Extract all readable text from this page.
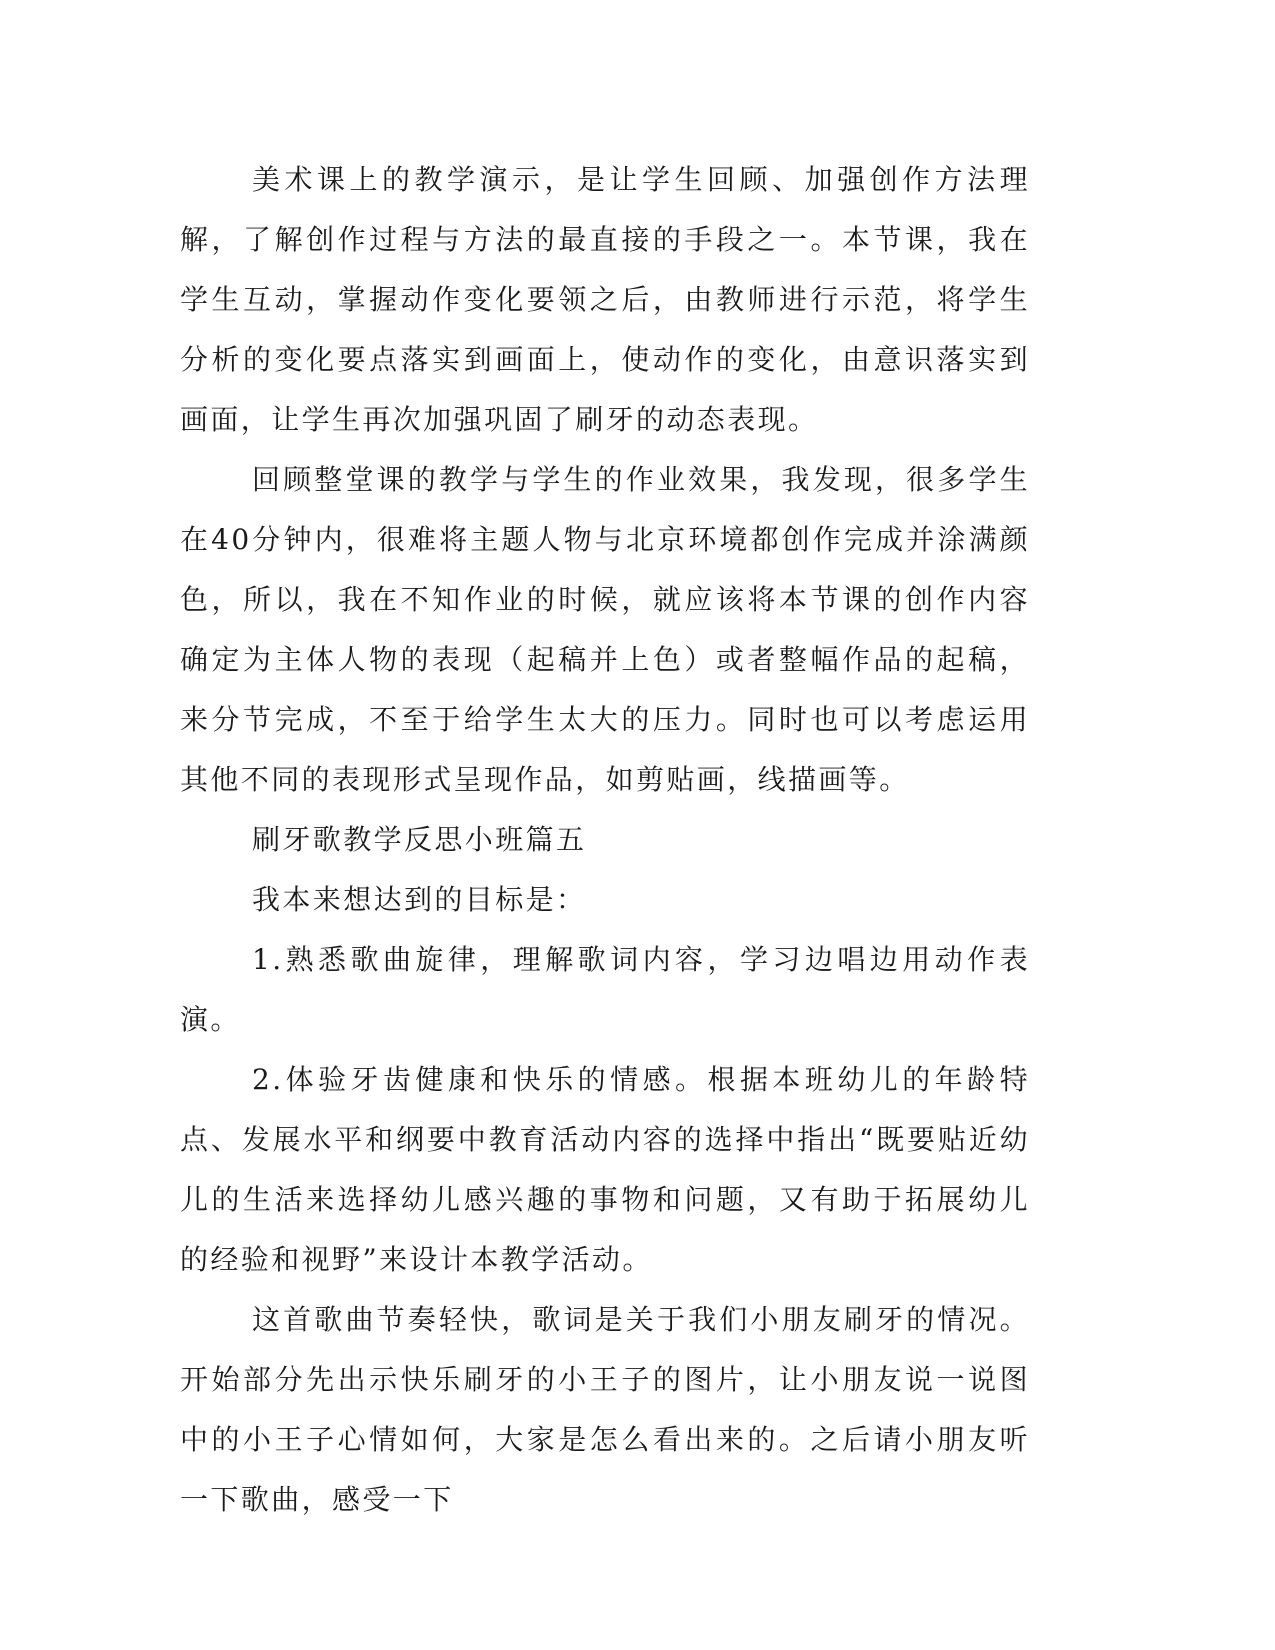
美术课上的教学演示，是让学生回顾、加强创作方法理解，了解创作过程与方法的最直接的手段之一。本节课，我在学生互动，掌握动作变化要领之后，由教师进行示范，将学生分析的变化要点落实到画面上，使动作的变化，由意识落实到画面，让学生再次加强巩固了刷牙的动态表现。

回顾整堂课的教学与学生的作业效果，我发现，很多学生在40分钟内，很难将主题人物与北京环境都创作完成并涂满颜色，所以，我在不知作业的时候，就应该将本节课的创作内容确定为主体人物的表现（起稿并上色）或者整幅作品的起稿，来分节完成，不至于给学生太大的压力。同时也可以考虑运用其他不同的表现形式呈现作品，如剪贴画，线描画等。

刷牙歌教学反思小班篇五

我本来想达到的目标是：

1.熟悉歌曲旋律，理解歌词内容，学习边唱边用动作表演。

2.体验牙齿健康和快乐的情感。根据本班幼儿的年龄特点、发展水平和纲要中教育活动内容的选择中指出“既要贴近幼儿的生活来选择幼儿感兴趣的事物和问题，又有助于拓展幼儿的经验和视野”来设计本教学活动。

这首歌曲节奏轻快，歌词是关于我们小朋友刷牙的情况。开始部分先出示快乐刷牙的小王子的图片，让小朋友说一说图中的小王子心情如何，大家是怎么看出来的。之后请小朋友听一下歌曲，感受一下
